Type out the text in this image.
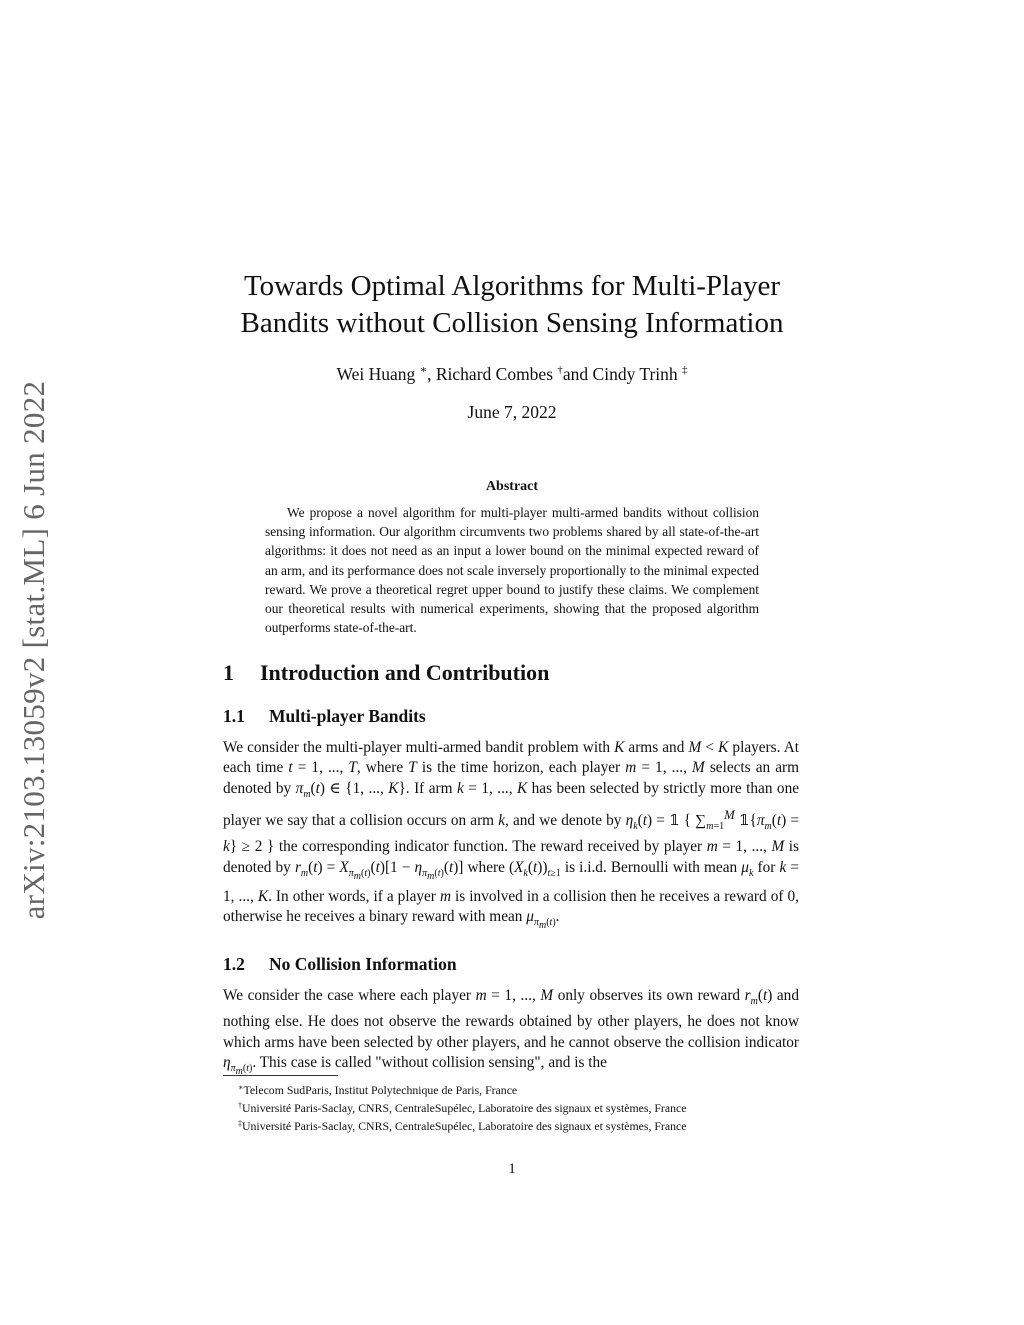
arXiv:2103.13059v2 [stat.ML] 6 Jun 2022
Towards Optimal Algorithms for Multi-Player
Bandits without Collision Sensing Information
Wei Huang ∗, Richard Combes †and Cindy Trinh ‡
June 7, 2022
Abstract
We propose a novel algorithm for multi-player multi-armed bandits without collision sensing information. Our algorithm circumvents two problems shared by all state-of-the-art algorithms: it does not need as an input a lower bound on the minimal expected reward of an arm, and its performance does not scale inversely proportionally to the minimal expected reward. We prove a theoretical regret upper bound to justify these claims. We complement our theoretical results with numerical experiments, showing that the proposed algorithm outperforms state-of-the-art.
1 Introduction and Contribution
1.1 Multi-player Bandits
We consider the multi-player multi-armed bandit problem with K arms and M < K players. At each time t = 1, ..., T, where T is the time horizon, each player m = 1, ..., M selects an arm denoted by $\pi_m(t)$ ∈ {1, ..., K}. If arm k = 1, ..., K has been selected by strictly more than one player we say that a collision occurs on arm k, and we denote by $\eta_k(t)$ = 𝟙 { $\sum_{m=1}^M$ $𝟙\{\pi_m(t) = k\} \ge 2$ } the corresponding indicator function. The reward received by player m = 1, ..., M is denoted by $r_m(t) = X_{\pi_m(t)}(t)[1 - \eta_{\pi_m(t)}(t)]$ where $(X_k(t))_{t\ge 1}$ is i.i.d. Bernoulli with mean $\mu_k$ for k = 1, ..., K. In other words, if a player m is involved in a collision then he receives a reward of 0, otherwise he receives a binary reward with mean $\mu_{\pi_m(t)}$.
1.2 No Collision Information
We consider the case where each player m = 1, ..., M only observes its own reward $r_m(t)$ and nothing else. He does not observe the rewards obtained by other players, he does not know which arms have been selected by other players, and he cannot observe the collision indicator $\eta_{\pi_m(t)}$. This case is called "without collision sensing", and is the
∗Telecom SudParis, Institut Polytechnique de Paris, France
†Université Paris-Saclay, CNRS, CentraleSupélec, Laboratoire des signaux et systèmes, France
‡Université Paris-Saclay, CNRS, CentraleSupélec, Laboratoire des signaux et systèmes, France
1
